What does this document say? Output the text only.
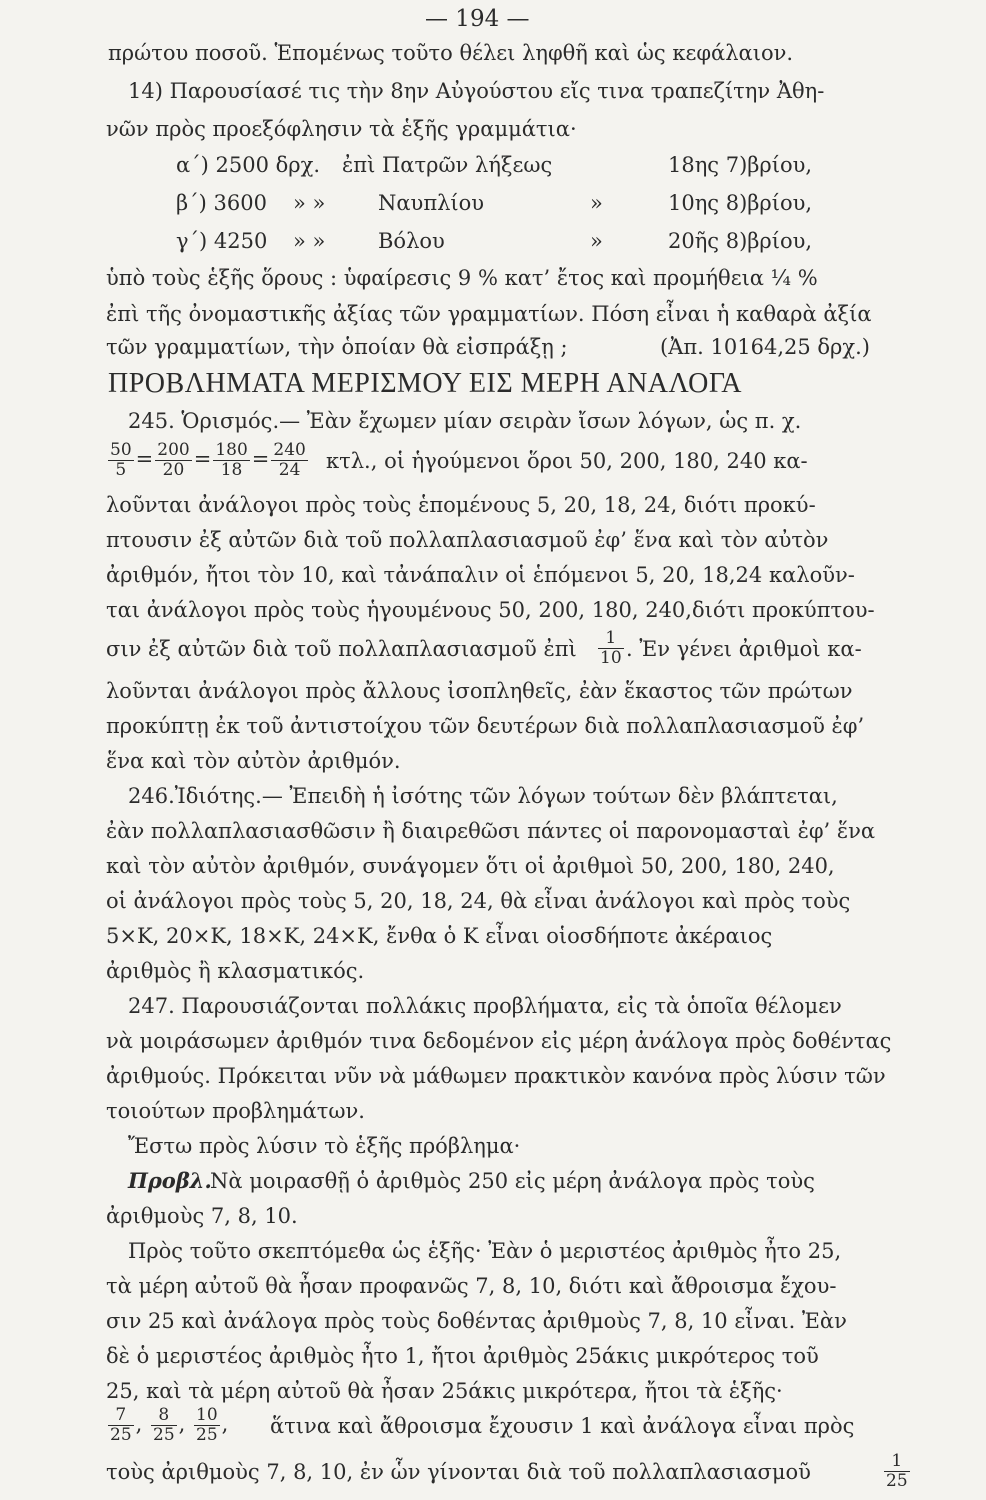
— 194 —
πρώτου ποσοῦ. Ἑπομένως τοῦτο θέλει ληφθῆ καὶ ὡς κεφάλαιον.
14) Παρουσίασέ τις τὴν 8ην Αὐγούστου εἴς τινα τραπεζίτην Ἀθη-
νῶν πρὸς προεξόφλησιν τὰ ἑξῆς γραμμάτια·
α΄) 2500 δρχ. ἐπὶ Πατρῶν λήξεως	18ης 7)βρίου,
β΄) 3600 » »	Ναυπλίου	»	10ης 8)βρίου,
γ΄) 4250 » »	Βόλου	»	20ῆς 8)βρίου,
ὑπὸ τοὺς ἑξῆς ὅρους : ὑφαίρεσις 9 % κατ’ ἔτος καὶ προμήθεια ¼ %
ἐπὶ τῆς ὀνομαστικῆς ἀξίας τῶν γραμματίων. Πόση εἶναι ἡ καθαρὰ ἀξία
τῶν γραμματίων, τὴν ὁποίαν θὰ εἰσπράξῃ ;	(Ἀπ. 10164,25 δρχ.)
ΠΡΟΒΛΗΜΑΤΑ ΜΕΡΙΣΜΟΥ ΕΙΣ ΜΕΡΗ ΑΝΑΛΟΓΑ
245. Ὁρισμός.— Ἐὰν ἔχωμεν μίαν σειρὰν ἴσων λόγων, ὡς π. χ.
$\frac{50}{5} = \frac{200}{20} = \frac{180}{18} = \frac{240}{24} \kappa\tau\lambda$., οἱ ἡγούμενοι ὅροι 50, 200, 180, 240 κα-
λοῦνται ἀνάλογοι πρὸς τοὺς ἑπομένους 5, 20, 18, 24, διότι προκύ-
πτουσιν ἐξ αὐτῶν διὰ τοῦ πολλαπλασιασμοῦ ἐφ’ ἕνα καὶ τὸν αὐτὸν
ἀριθμόν, ἤτοι τὸν 10, καὶ τἀνάπαλιν οἱ ἑπόμενοι 5, 20, 18,24 καλοῦν-
ται ἀνάλογοι πρὸς τοὺς ἡγουμένους 50, 200, 180, 240,διότι προκύπτου-
σιν ἐξ αὐτῶν διὰ τοῦ πολλαπλασιασμοῦ ἐπὶ $\frac{1}{10}$ . Ἐν γένει ἀριθμοὶ κα-
λοῦνται ἀνάλογοι πρὸς ἄλλους ἰσοπληθεῖς, ἐὰν ἕκαστος τῶν πρώτων
προκύπτῃ ἐκ τοῦ ἀντιστοίχου τῶν δευτέρων διὰ πολλαπλασιασμοῦ ἐφ’
ἕνα καὶ τὸν αὐτὸν ἀριθμόν.
246.Ἰδιότης.— Ἐπειδὴ ἡ ἰσότης τῶν λόγων τούτων δὲν βλάπτεται,
ἐὰν πολλαπλασιασθῶσιν ἢ διαιρεθῶσι πάντες οἱ παρονομασταὶ ἐφ’ ἕνα
καὶ τὸν αὐτὸν ἀριθμόν, συνάγομεν ὅτι οἱ ἀριθμοὶ 50, 200, 180, 240,
οἱ ἀνάλογοι πρὸς τοὺς 5, 20, 18, 24, θὰ εἶναι ἀνάλογοι καὶ πρὸς τοὺς
5×Κ, 20×Κ, 18×Κ, 24×Κ, ἔνθα ὁ Κ εἶναι οἱοσδήποτε ἀκέραιος
ἀριθμὸς ἢ κλασματικός.
247. Παρουσιάζονται πολλάκις προβλήματα, εἰς τὰ ὁποῖα θέλομεν
νὰ μοιράσωμεν ἀριθμόν τινα δεδομένον εἰς μέρη ἀνάλογα πρὸς δοθέντας
ἀριθμούς. Πρόκειται νῦν νὰ μάθωμεν πρακτικὸν κανόνα πρὸς λύσιν τῶν
τοιούτων προβλημάτων.
Ἔστω πρὸς λύσιν τὸ ἑξῆς πρόβλημα·
Προβλ.
Νὰ μοιρασθῇ ὁ ἀριθμὸς 250 εἰς μέρη ἀνάλογα πρὸς τοὺς
ἀριθμοὺς 7, 8, 10.
Πρὸς τοῦτο σκεπτόμεθα ὡς ἑξῆς· Ἐὰν ὁ μεριστέος ἀριθμὸς ἦτο 25,
τὰ μέρη αὐτοῦ θὰ ἦσαν προφανῶς 7, 8, 10, διότι καὶ ἄθροισμα ἔχου-
σιν 25 καὶ ἀνάλογα πρὸς τοὺς δοθέντας ἀριθμοὺς 7, 8, 10 εἶναι. Ἐὰν
δὲ ὁ μεριστέος ἀριθμὸς ἦτο 1, ἤτοι ἀριθμὸς 25άκις μικρότερος τοῦ
25, καὶ τὰ μέρη αὐτοῦ θὰ ἦσαν 25άκις μικρότερα, ἤτοι τὰ ἑξῆς·
$\frac{7}{25}$ , $\frac{8}{25}$ , $\frac{10}{25}$ , ἅτινα καὶ ἄθροισμα ἔχουσιν 1 καὶ ἀνάλογα εἶναι πρὸς
τοὺς ἀριθμοὺς 7, 8, 10, ἐν ὧν γίνονται διὰ τοῦ πολλαπλασιασμοῦ	$\frac{1}{25}$
